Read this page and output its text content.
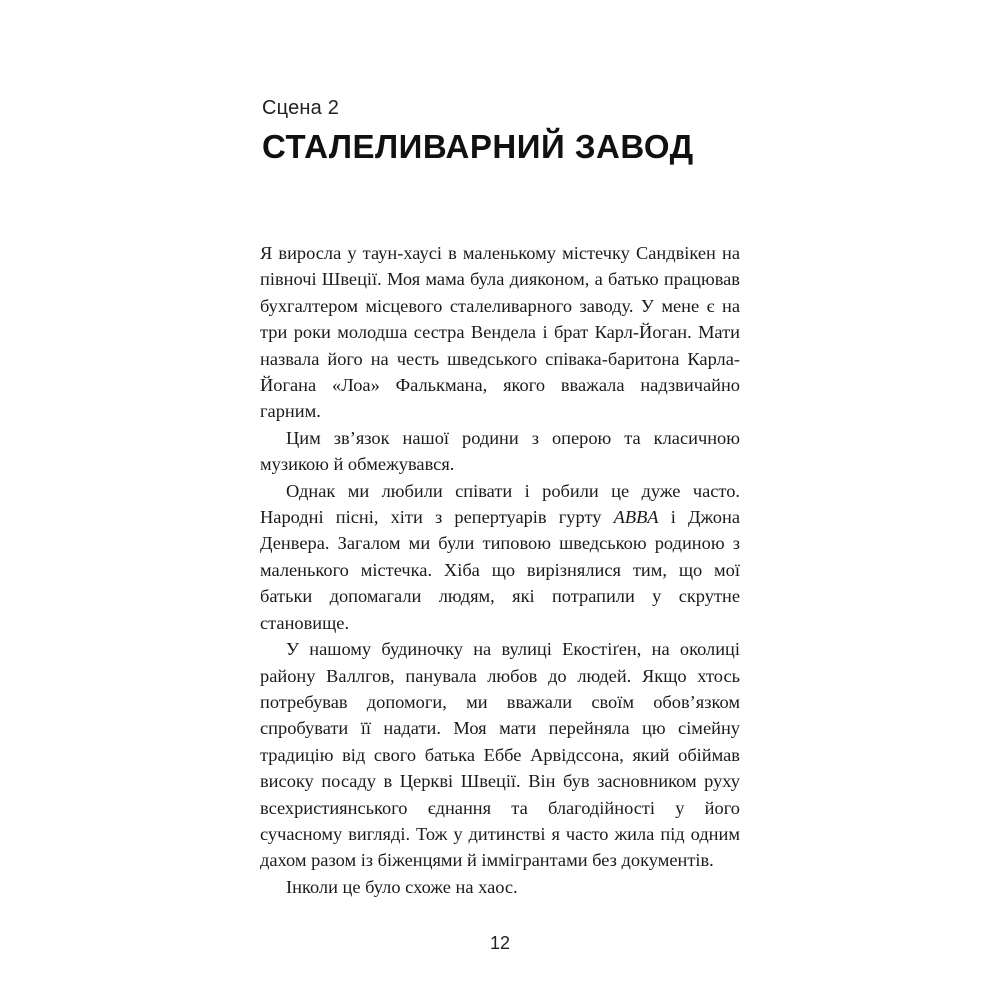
Сцена 2
СТАЛЕЛИВАРНИЙ ЗАВОД

Я виросла у таун-хаусі в маленькому містечку Сандвікен на півночі Швеції. Моя мама була дияконом, а батько працював бухгалтером місцевого сталеливарного заводу. У мене є на три роки молодша сестра Вендела і брат Карл-Йоган. Мати назвала його на честь шведського співака-баритона Карла-Йогана «Лоа» Фалькмана, якого вважала надзвичайно гарним.

Цим зв’язок нашої родини з оперою та класичною музикою й обмежувався.

Однак ми любили співати і робили це дуже часто. Народні пісні, хіти з репертуарів гурту ABBA і Джона Денвера. Загалом ми були типовою шведською родиною з маленького містечка. Хіба що вирізнялися тим, що мої батьки допомагали людям, які потрапили у скрутне становище.

У нашому будиночку на вулиці Екостіґен, на околиці району Валлгов, панувала любов до людей. Якщо хтось потребував допомоги, ми вважали своїм обов’язком спробувати її надати. Моя мати перейняла цю сімейну традицію від свого батька Еббе Арвідссона, який обіймав високу посаду в Церкві Швеції. Він був засновником руху всехристиянського єднання та благодійності у його сучасному вигляді. Тож у дитинстві я часто жила під одним дахом разом із біженцями й іммігрантами без документів.

Інколи це було схоже на хаос.

12
